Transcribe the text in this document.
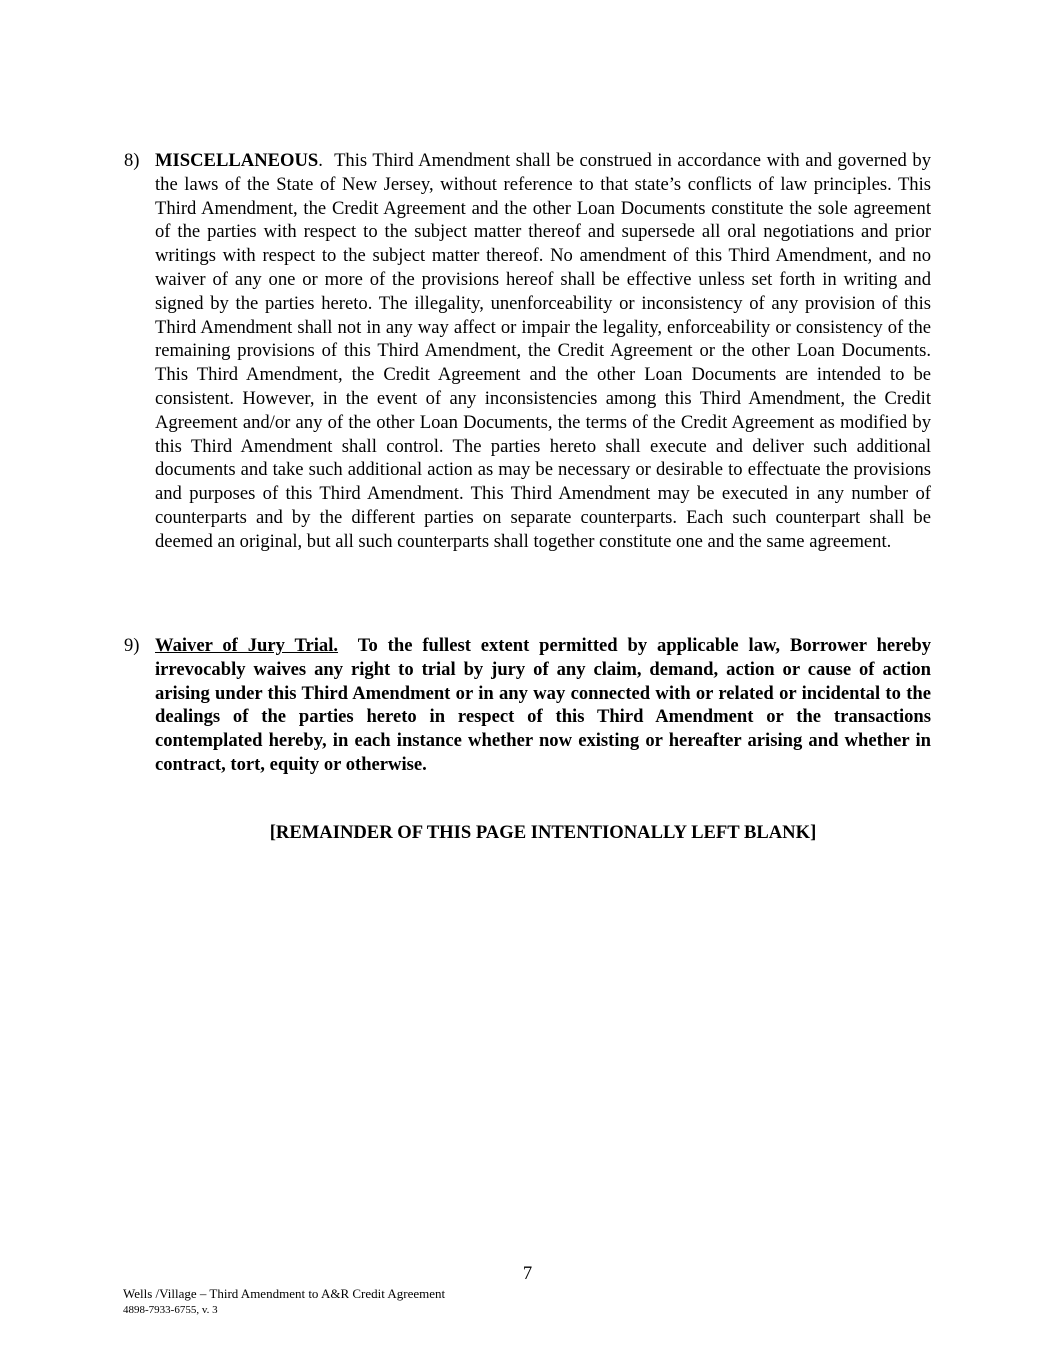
8) MISCELLANEOUS. This Third Amendment shall be construed in accordance with and governed by the laws of the State of New Jersey, without reference to that state’s conflicts of law principles. This Third Amendment, the Credit Agreement and the other Loan Documents constitute the sole agreement of the parties with respect to the subject matter thereof and supersede all oral negotiations and prior writings with respect to the subject matter thereof. No amendment of this Third Amendment, and no waiver of any one or more of the provisions hereof shall be effective unless set forth in writing and signed by the parties hereto. The illegality, unenforceability or inconsistency of any provision of this Third Amendment shall not in any way affect or impair the legality, enforceability or consistency of the remaining provisions of this Third Amendment, the Credit Agreement or the other Loan Documents. This Third Amendment, the Credit Agreement and the other Loan Documents are intended to be consistent. However, in the event of any inconsistencies among this Third Amendment, the Credit Agreement and/or any of the other Loan Documents, the terms of the Credit Agreement as modified by this Third Amendment shall control. The parties hereto shall execute and deliver such additional documents and take such additional action as may be necessary or desirable to effectuate the provisions and purposes of this Third Amendment. This Third Amendment may be executed in any number of counterparts and by the different parties on separate counterparts. Each such counterpart shall be deemed an original, but all such counterparts shall together constitute one and the same agreement.
9) Waiver of Jury Trial. To the fullest extent permitted by applicable law, Borrower hereby irrevocably waives any right to trial by jury of any claim, demand, action or cause of action arising under this Third Amendment or in any way connected with or related or incidental to the dealings of the parties hereto in respect of this Third Amendment or the transactions contemplated hereby, in each instance whether now existing or hereafter arising and whether in contract, tort, equity or otherwise.
[REMAINDER OF THIS PAGE INTENTIONALLY LEFT BLANK]
7
Wells /Village – Third Amendment to A&R Credit Agreement
4898-7933-6755, v. 3
